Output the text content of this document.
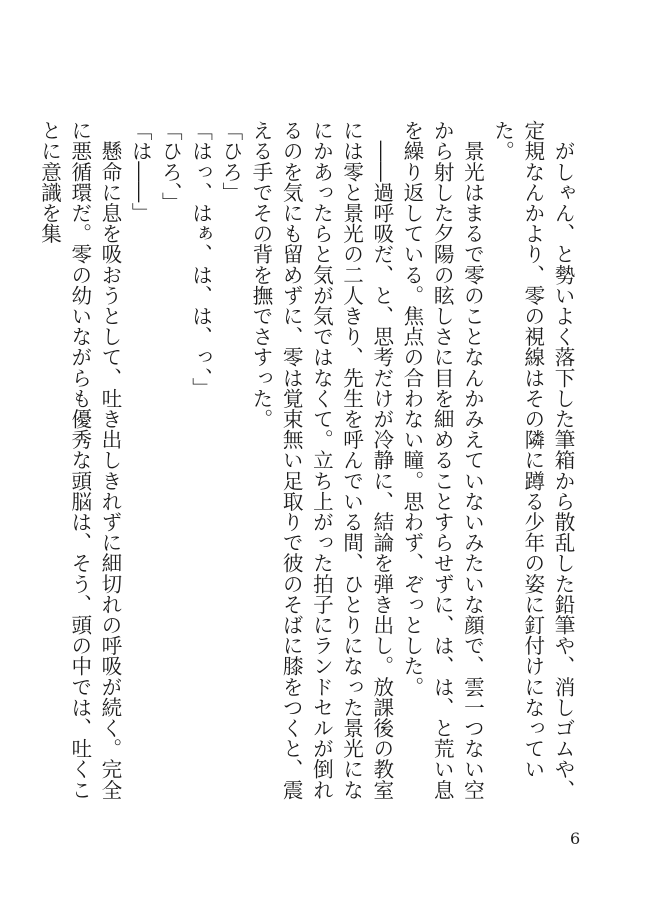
　がしゃん、と勢いよく落下した筆箱から散乱した鉛筆や、消しゴムや、定規なんかより、零の視線はその隣に蹲る少年の姿に釘付けになっていた。

　景光はまるで零のことなんかみえていないみたいな顔で、雲一つない空から射した夕陽の眩しさに目を細めることすらせずに、は、は、と荒い息を繰り返している。焦点の合わない瞳。思わず、ぞっとした。

　――過呼吸だ、と、思考だけが冷静に、結論を弾き出し。放課後の教室には零と景光の二人きり、先生を呼んでいる間、ひとりになった景光になにかあったらと気が気ではなくて。立ち上がった拍子にランドセルが倒れるのを気にも留めずに、零は覚束無い足取りで彼のそばに膝をつくと、震える手でその背を撫でさすった。

「ひろ」

「はっ、はぁ、は、は、っ、」

「ひろ、」

「は――」

　懸命に息を吸おうとして、吐き出しきれずに細切れの呼吸が続く。完全に悪循環だ。零の幼いながらも優秀な頭脳は、そう、頭の中では、吐くことに意識を集

6
